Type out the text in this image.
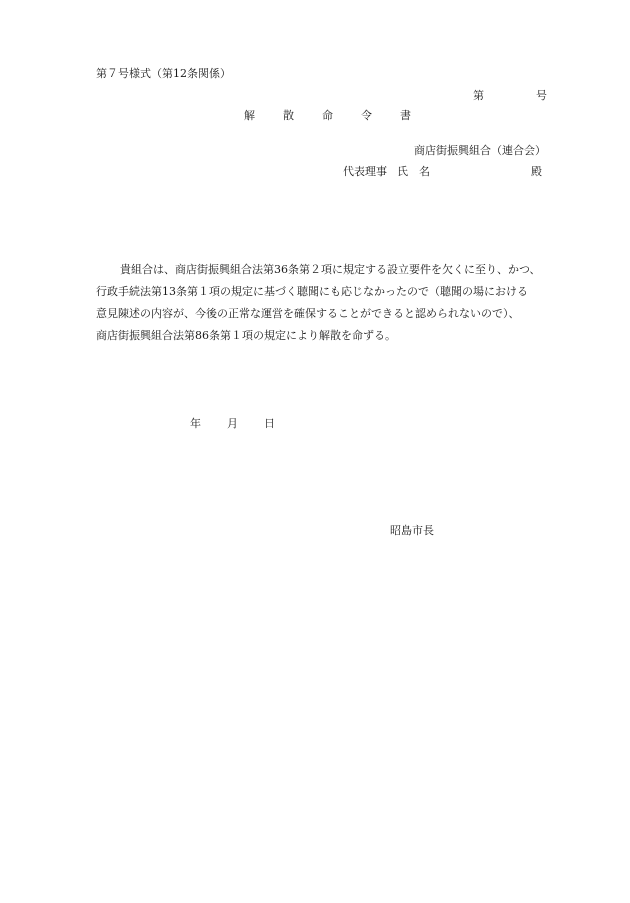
第７号様式（第12条関係）
第	号
解	散	命	令	書
商店街振興組合（連合会）
代表理事 氏　名	殿

貴組合は、商店街振興組合法第36条第２項に規定する設立要件を欠くに至り、かつ、

行政手続法第13条第１項の規定に基づく聴聞にも応じなかったので（聴聞の場における

意見陳述の内容が、今後の正常な運営を確保することができると認められないので）、

商店街振興組合法第86条第１項の規定により解散を命ずる。

年 月 日
昭島市長
